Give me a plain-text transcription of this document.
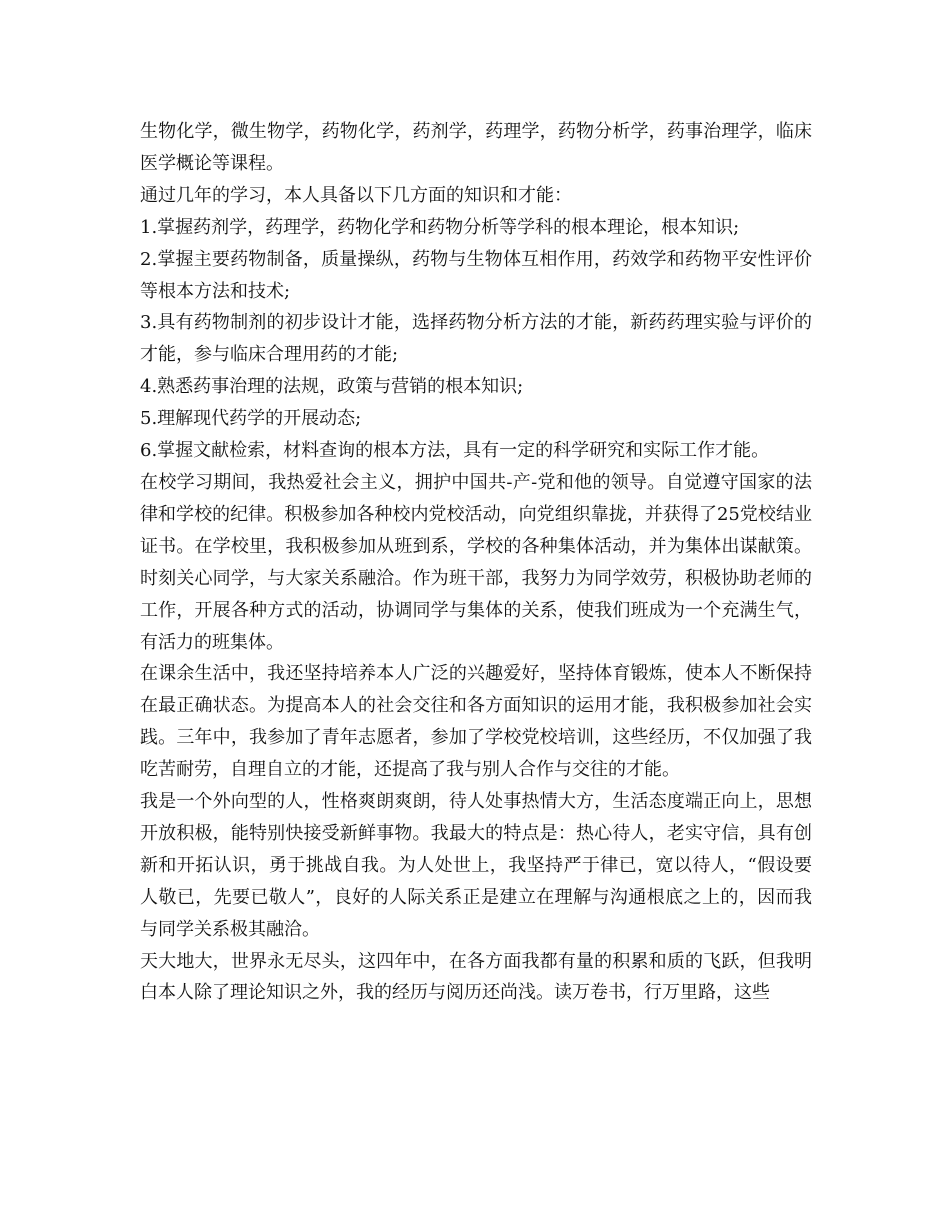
生物化学，微生物学，药物化学，药剂学，药理学，药物分析学，药事治理学，临床医学概论等课程。

通过几年的学习，本人具备以下几方面的知识和才能：

1.掌握药剂学，药理学，药物化学和药物分析等学科的根本理论，根本知识;

2.掌握主要药物制备，质量操纵，药物与生物体互相作用，药效学和药物平安性评价等根本方法和技术;

3.具有药物制剂的初步设计才能，选择药物分析方法的才能，新药药理实验与评价的才能，参与临床合理用药的才能;

4.熟悉药事治理的法规，政策与营销的根本知识;

5.理解现代药学的开展动态;

6.掌握文献检索，材料查询的根本方法，具有一定的科学研究和实际工作才能。

在校学习期间，我热爱社会主义，拥护中国共-产-党和他的领导。自觉遵守国家的法律和学校的纪律。积极参加各种校内党校活动，向党组织靠拢，并获得了25党校结业证书。在学校里，我积极参加从班到系，学校的各种集体活动，并为集体出谋献策。时刻关心同学，与大家关系融洽。作为班干部，我努力为同学效劳，积极协助老师的工作，开展各种方式的活动，协调同学与集体的关系，使我们班成为一个充满生气，有活力的班集体。

在课余生活中，我还坚持培养本人广泛的兴趣爱好，坚持体育锻炼，使本人不断保持在最正确状态。为提高本人的社会交往和各方面知识的运用才能，我积极参加社会实践。三年中，我参加了青年志愿者，参加了学校党校培训，这些经历，不仅加强了我吃苦耐劳，自理自立的才能，还提高了我与别人合作与交往的才能。

我是一个外向型的人，性格爽朗爽朗，待人处事热情大方，生活态度端正向上，思想开放积极，能特别快接受新鲜事物。我最大的特点是：热心待人，老实守信，具有创新和开拓认识，勇于挑战自我。为人处世上，我坚持严于律已，宽以待人，“假设要人敬已，先要已敬人”，良好的人际关系正是建立在理解与沟通根底之上的，因而我与同学关系极其融洽。

天大地大，世界永无尽头，这四年中，在各方面我都有量的积累和质的飞跃，但我明白本人除了理论知识之外，我的经历与阅历还尚浅。读万卷书，行万里路，这些
